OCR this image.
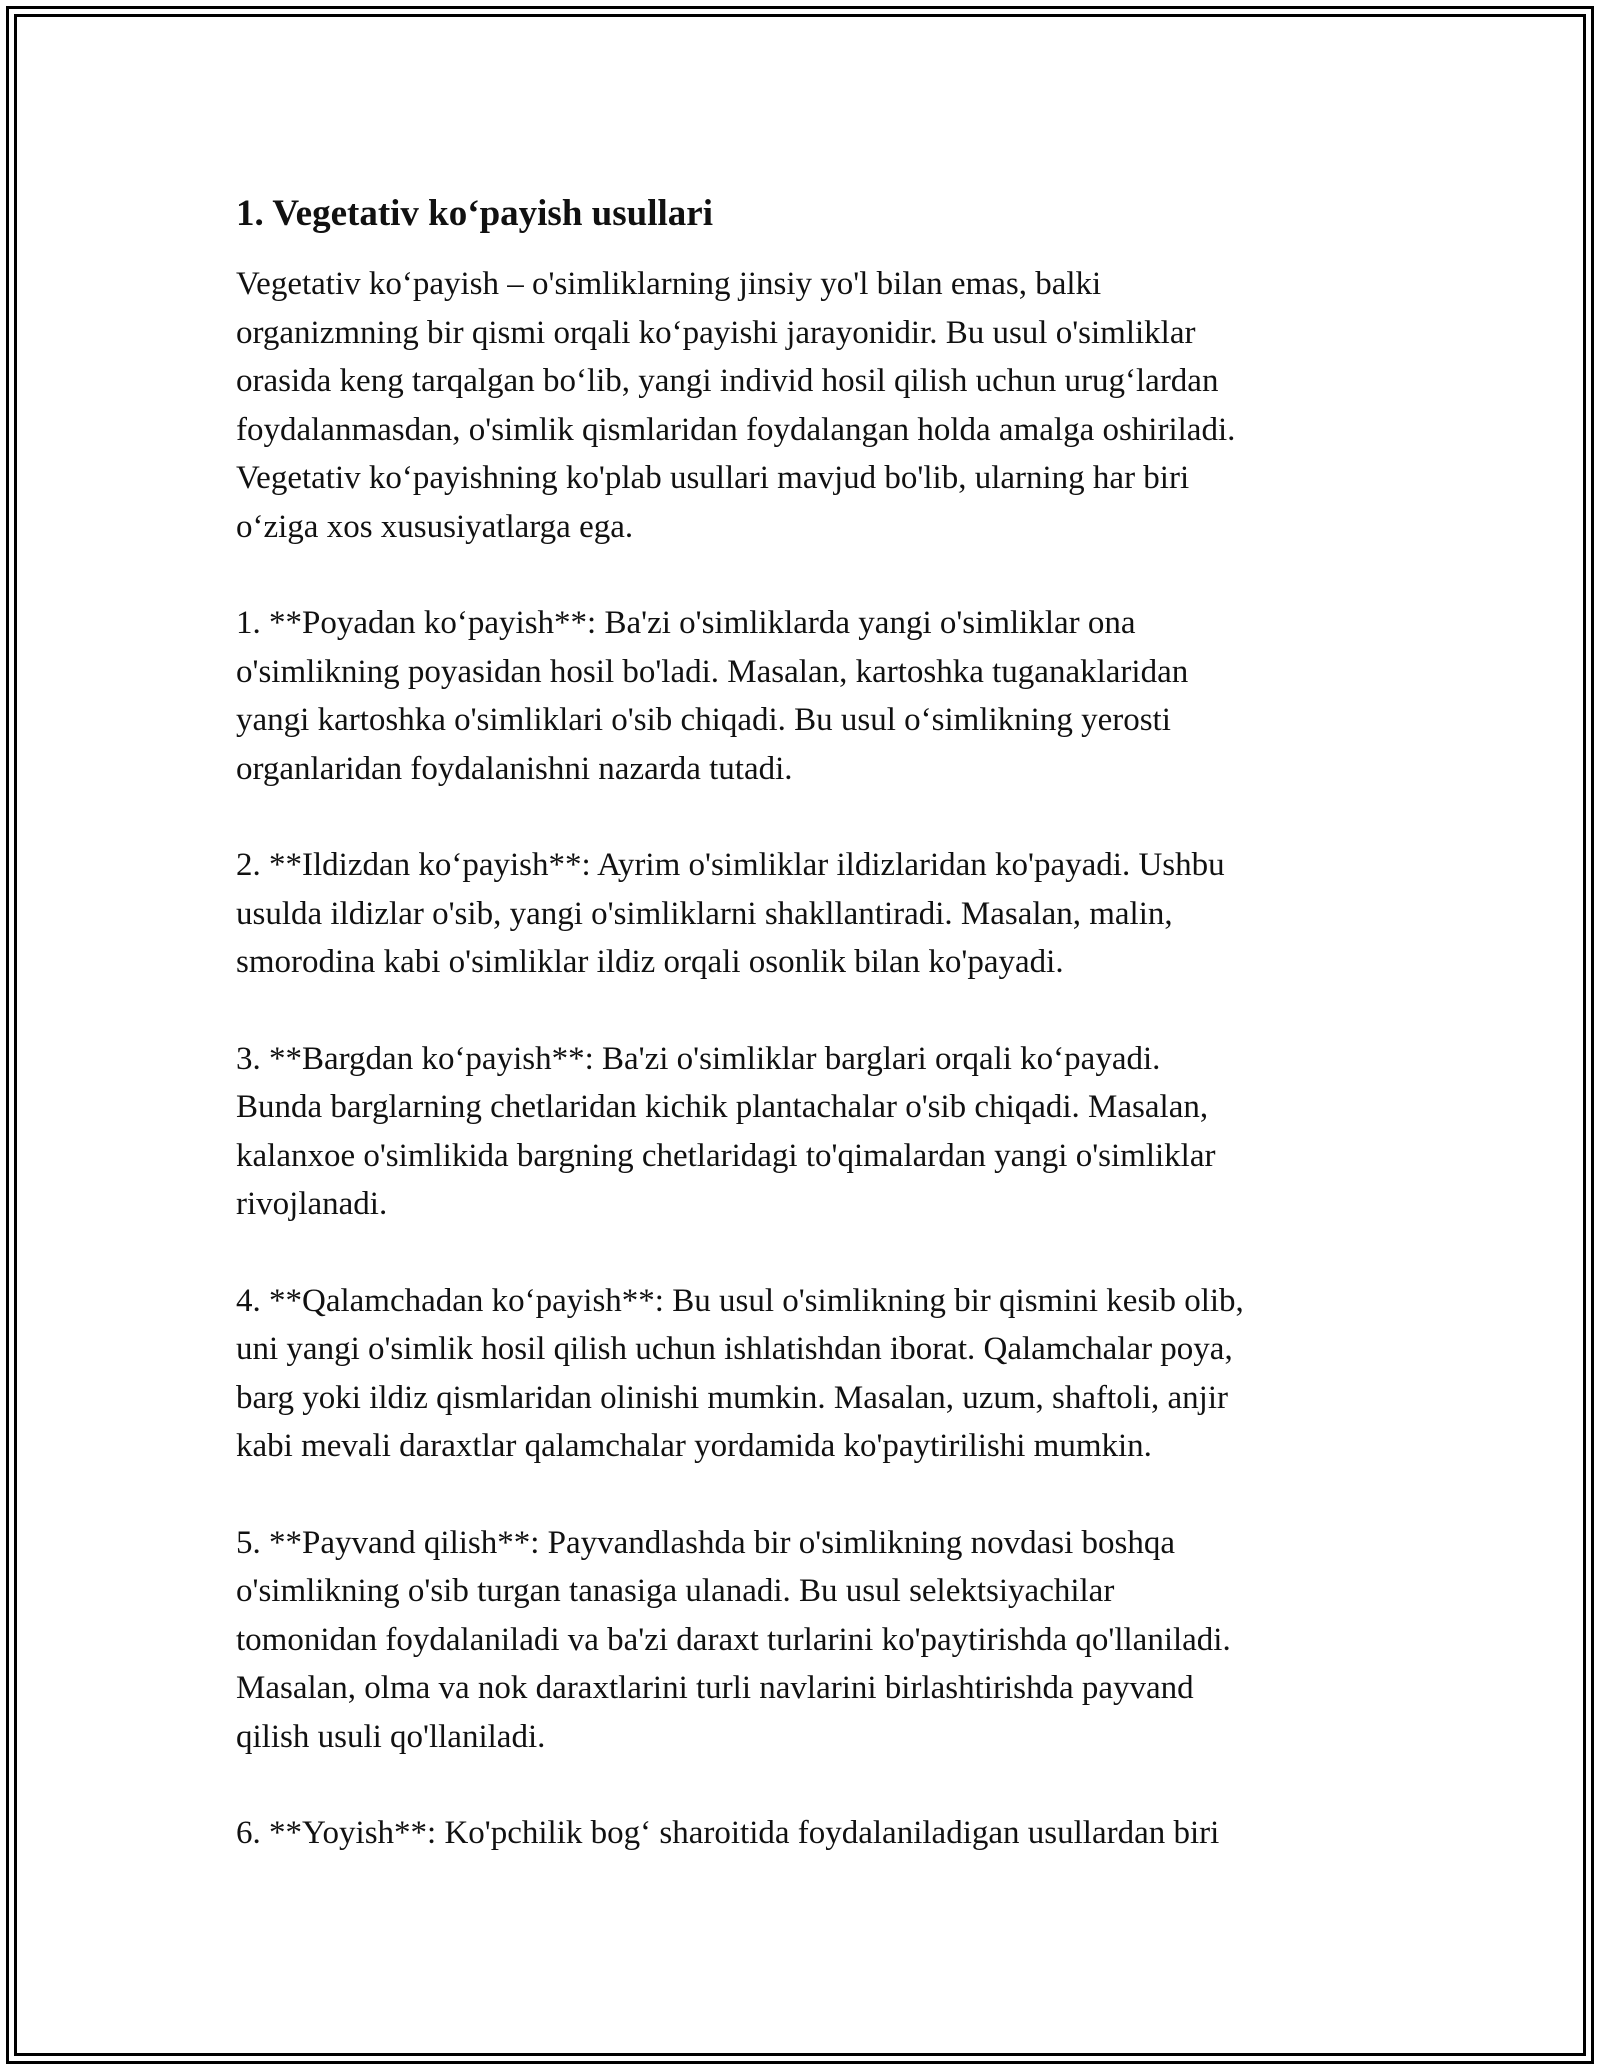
1. Vegetativ ko‘payish usullari

Vegetativ ko‘payish – o'simliklarning jinsiy yo'l bilan emas, balki
organizmning bir qismi orqali ko‘payishi jarayonidir. Bu usul o'simliklar
orasida keng tarqalgan bo‘lib, yangi individ hosil qilish uchun urug‘lardan
foydalanmasdan, o'simlik qismlaridan foydalangan holda amalga oshiriladi.
Vegetativ ko‘payishning ko'plab usullari mavjud bo'lib, ularning har biri
o‘ziga xos xususiyatlarga ega.

1. **Poyadan ko‘payish**: Ba'zi o'simliklarda yangi o'simliklar ona
o'simlikning poyasidan hosil bo'ladi. Masalan, kartoshka tuganaklaridan
yangi kartoshka o'simliklari o'sib chiqadi. Bu usul o‘simlikning yerosti
organlaridan foydalanishni nazarda tutadi.

2. **Ildizdan ko‘payish**: Ayrim o'simliklar ildizlaridan ko'payadi. Ushbu
usulda ildizlar o'sib, yangi o'simliklarni shakllantiradi. Masalan, malin,
smorodina kabi o'simliklar ildiz orqali osonlik bilan ko'payadi.

3. **Bargdan ko‘payish**: Ba'zi o'simliklar barglari orqali ko‘payadi.
Bunda barglarning chetlaridan kichik plantachalar o'sib chiqadi. Masalan,
kalanxoe o'simlikida bargning chetlaridagi to'qimalardan yangi o'simliklar
rivojlanadi.

4. **Qalamchadan ko‘payish**: Bu usul o'simlikning bir qismini kesib olib,
uni yangi o'simlik hosil qilish uchun ishlatishdan iborat. Qalamchalar poya,
barg yoki ildiz qismlaridan olinishi mumkin. Masalan, uzum, shaftoli, anjir
kabi mevali daraxtlar qalamchalar yordamida ko'paytirilishi mumkin.

5. **Payvand qilish**: Payvandlashda bir o'simlikning novdasi boshqa
o'simlikning o'sib turgan tanasiga ulanadi. Bu usul selektsiyachilar
tomonidan foydalaniladi va ba'zi daraxt turlarini ko'paytirishda qo'llaniladi.
Masalan, olma va nok daraxtlarini turli navlarini birlashtirishda payvand
qilish usuli qo'llaniladi.

6. **Yoyish**: Ko'pchilik bog‘ sharoitida foydalaniladigan usullardan biri
